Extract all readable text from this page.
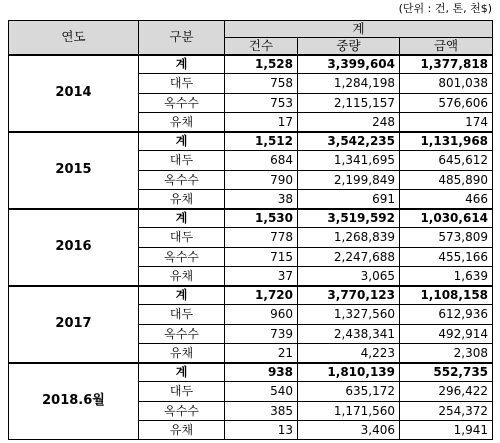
(단위 : 건, 톤, 천$)
연도	구분	계		
		건수	중량	금액
2014	계	1,528	3,399,604	1,377,818
	대두	758	1,284,198	801,038
	옥수수	753	2,115,157	576,606
	유채	17	248	174
2015	계	1,512	3,542,235	1,131,968
	대두	684	1,341,695	645,612
	옥수수	790	2,199,849	485,890
	유채	38	691	466
2016	계	1,530	3,519,592	1,030,614
	대두	778	1,268,839	573,809
	옥수수	715	2,247,688	455,166
	유채	37	3,065	1,639
2017	계	1,720	3,770,123	1,108,158
	대두	960	1,327,560	612,936
	옥수수	739	2,438,341	492,914
	유채	21	4,223	2,308
2018.6월	계	938	1,810,139	552,735
	대두	540	635,172	296,422
	옥수수	385	1,171,560	254,372
	유채	13	3,406	1,941
